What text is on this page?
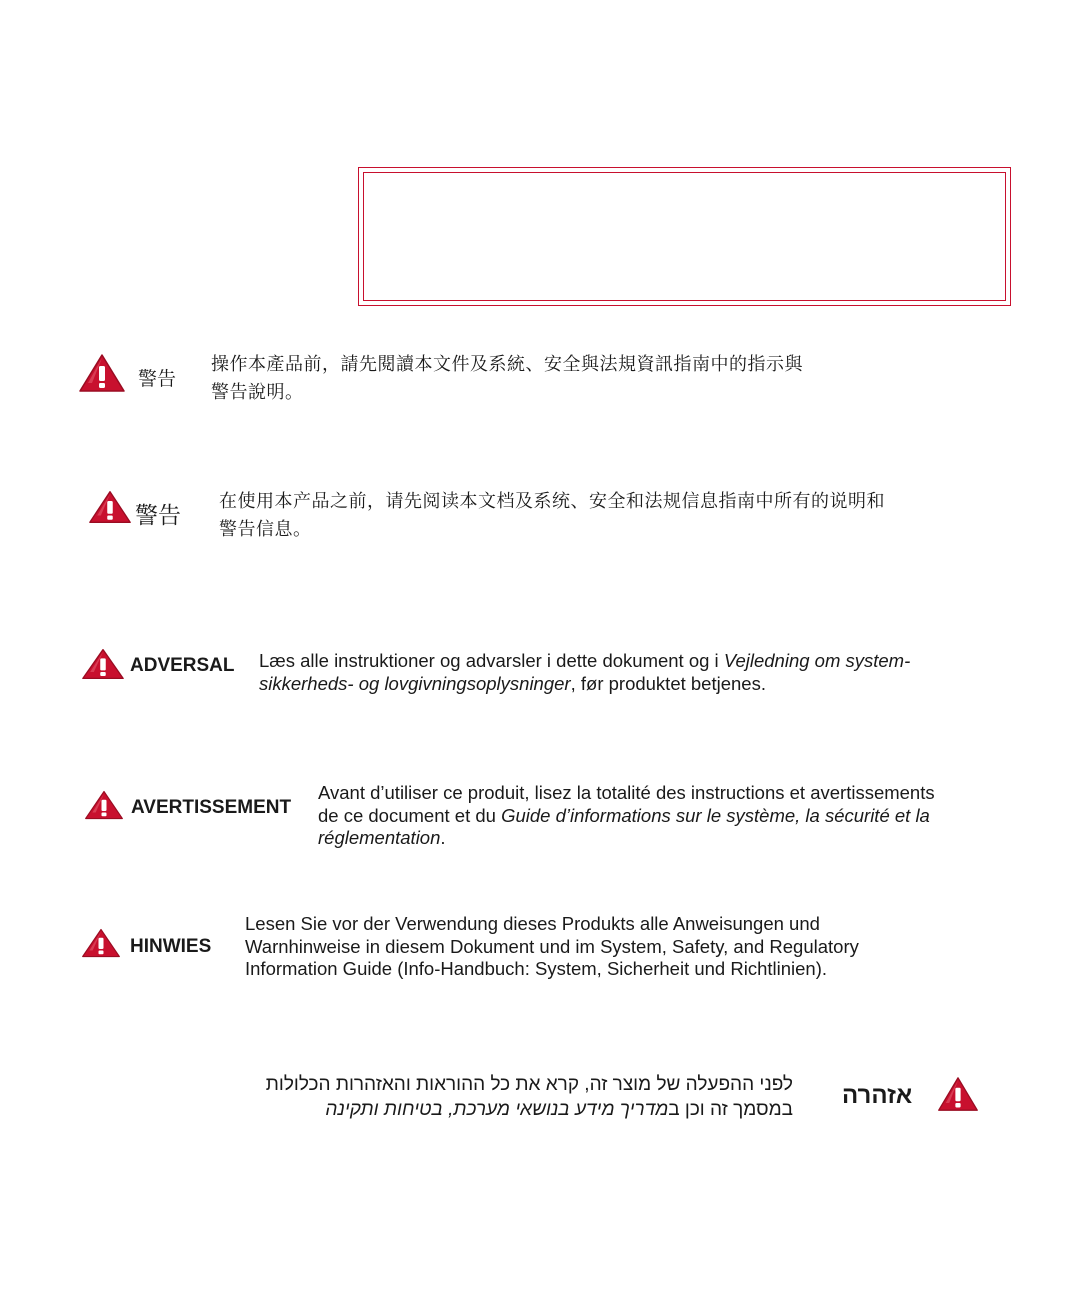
警告
操作本產品前，請先閱讀本文件及系統、安全與法規資訊指南中的指示與
警告說明。
警告
在使用本产品之前，请先阅读本文档及系统、安全和法规信息指南中所有的说明和
警告信息。
ADVERSAL Læs alle instruktioner og advarsler i dette dokument og i Vejledning om system-
sikkerheds- og lovgivningsoplysninger, før produktet betjenes.
AVERTISSEMENT
Avant d’utiliser ce produit, lisez la totalité des instructions et avertissements
de ce document et du Guide d’informations sur le système, la sécurité et la
réglementation.
HINWIES
Lesen Sie vor der Verwendung dieses Produkts alle Anweisungen und
Warnhinweise in diesem Dokument und im System, Safety, and Regulatory
Information Guide (Info-Handbuch: System, Sicherheit und Richtlinien).
אזהרה
לפני ההפעלה של מוצר זה, קרא את כל ההוראות והאזהרות הכלולות
במסמך זה וכן במדריך מידע בנושאי מערכת, בטיחות ותקינה
